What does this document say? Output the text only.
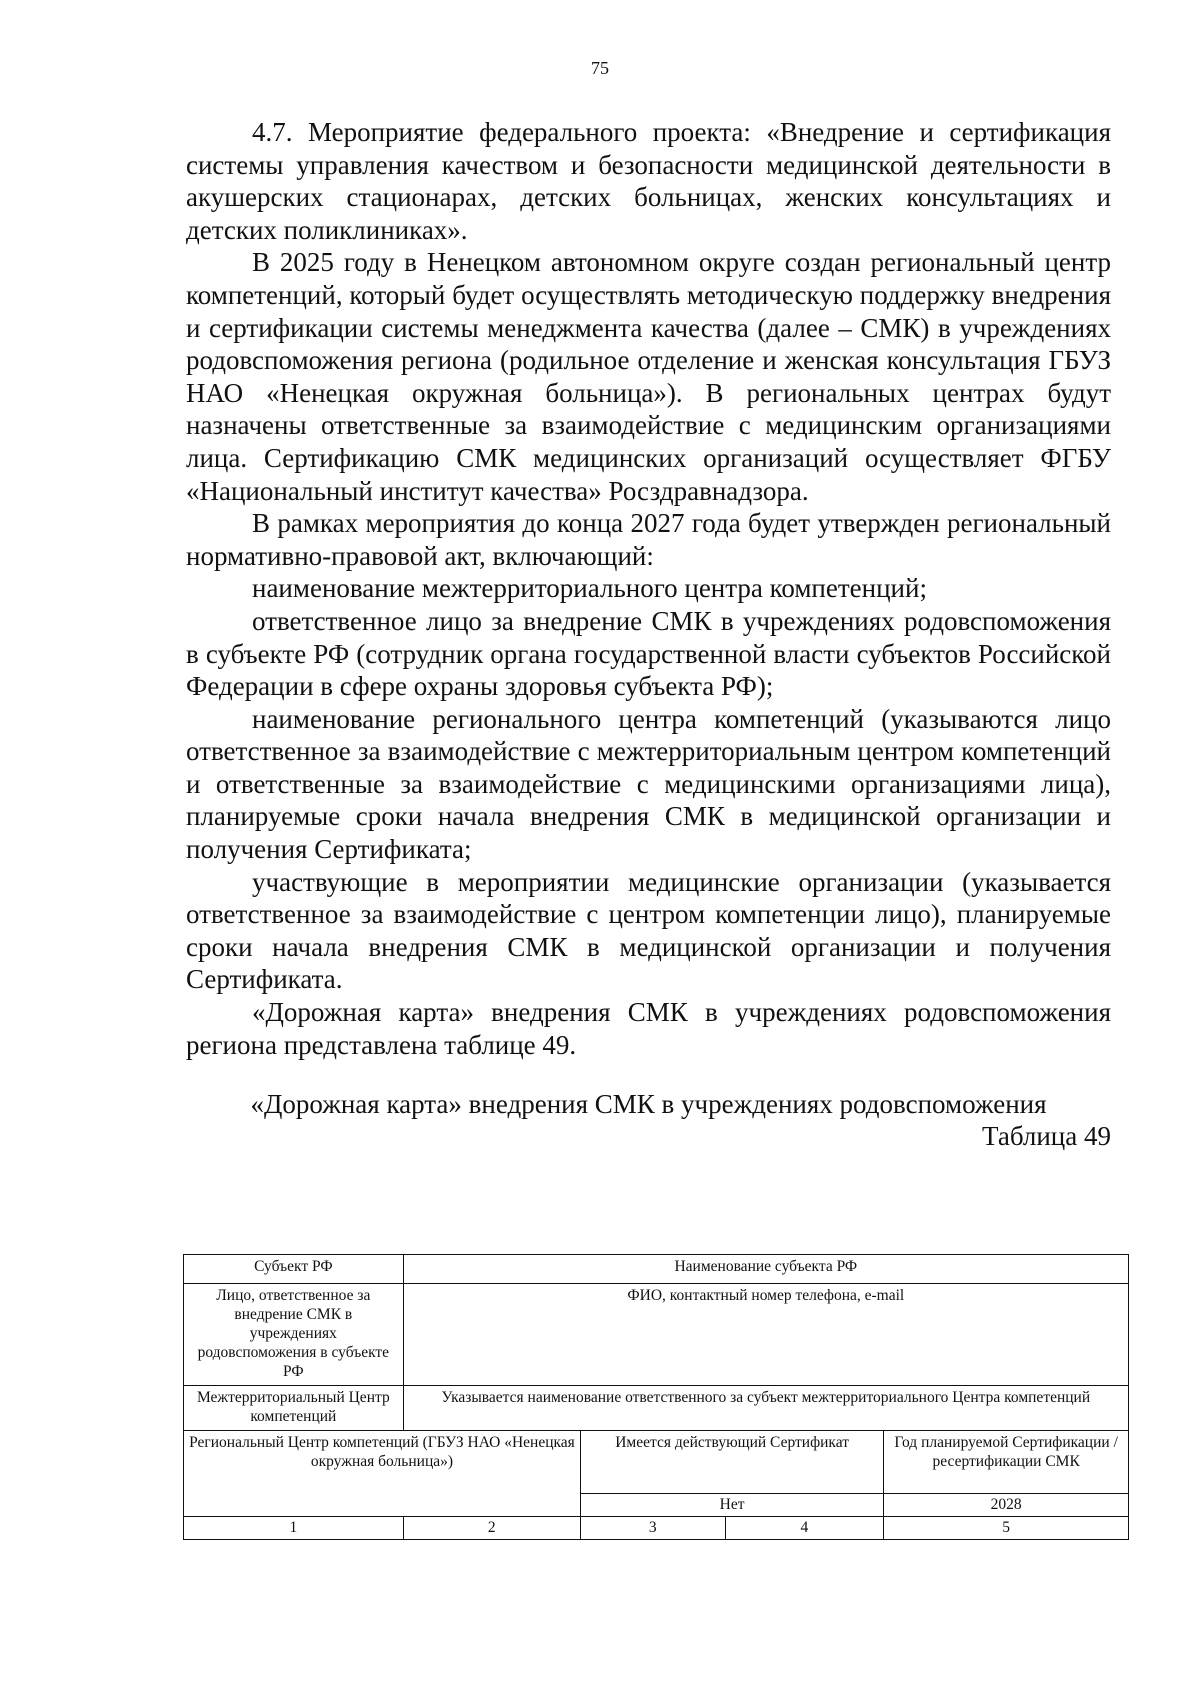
75

4.7. Мероприятие федерального проекта: «Внедрение и сертификация системы управления качеством и безопасности медицинской деятельности в акушерских стационарах, детских больницах, женских консультациях и детских поликлиниках».

В 2025 году в Ненецком автономном округе создан региональный центр компетенций, который будет осуществлять методическую поддержку внедрения и сертификации системы менеджмента качества (далее – СМК) в учреждениях родовспоможения региона (родильное отделение и женская консультация ГБУЗ НАО «Ненецкая окружная больница»). В региональных центрах будут назначены ответственные за взаимодействие с медицинским организациями лица. Сертификацию СМК медицинских организаций осуществляет ФГБУ «Национальный институт качества» Росздравнадзора.

В рамках мероприятия до конца 2027 года будет утвержден региональный нормативно-правовой акт, включающий:

наименование межтерриториального центра компетенций;

ответственное лицо за внедрение СМК в учреждениях родовспоможения в субъекте РФ (сотрудник органа государственной власти субъектов Российской Федерации в сфере охраны здоровья субъекта РФ);

наименование регионального центра компетенций (указываются лицо ответственное за взаимодействие с межтерриториальным центром компетенций и ответственные за взаимодействие с медицинскими организациями лица), планируемые сроки начала внедрения СМК в медицинской организации и получения Сертификата;

участвующие в мероприятии медицинские организации (указывается ответственное за взаимодействие с центром компетенции лицо), планируемые сроки начала внедрения СМК в медицинской организации и получения Сертификата.

«Дорожная карта» внедрения СМК в учреждениях родовспоможения региона представлена таблице 49.

«Дорожная карта» внедрения СМК в учреждениях родовспоможения
Таблица 49
Субъект РФ	Наименование субъекта РФ			
Лицо, ответственное за внедрение СМК в учреждениях родовспоможения в субъекте РФ	ФИО, контактный номер телефона, e-mail			
Межтерриториальный Центр компетенций	Указывается наименование ответственного за субъект межтерриториального Центра компетенций			
Региональный Центр компетенций (ГБУЗ НАО «Ненецкая окружная больница»)		Имеется действующий Сертификат		Год планируемой Сертификации / ресертификации СМК
		Нет		2028
1	2	3	4	5
